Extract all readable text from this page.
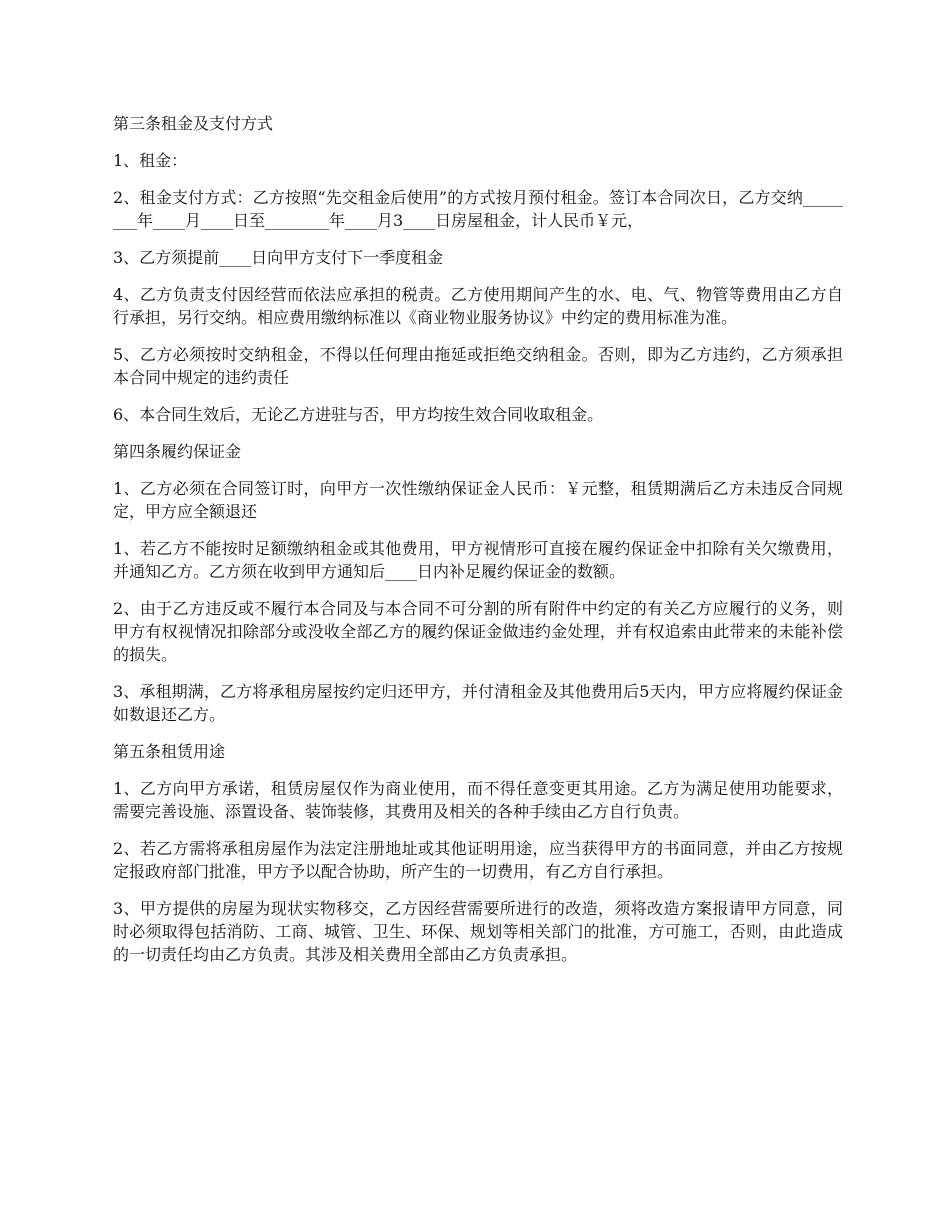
第三条租金及支付方式

1、租金：

2、租金支付方式：乙方按照“先交租金后使用”的方式按月预付租金。签订本合同次日，乙方交纳________年____月____日至________年____月3____日房屋租金，计人民币￥元，

3、乙方须提前____日向甲方支付下一季度租金

4、乙方负责支付因经营而依法应承担的税责。乙方使用期间产生的水、电、气、物管等费用由乙方自行承担，另行交纳。相应费用缴纳标准以《商业物业服务协议》中约定的费用标准为准。

5、乙方必须按时交纳租金，不得以任何理由拖延或拒绝交纳租金。否则，即为乙方违约，乙方须承担本合同中规定的违约责任

6、本合同生效后，无论乙方进驻与否，甲方均按生效合同收取租金。

第四条履约保证金

1、乙方必须在合同签订时，向甲方一次性缴纳保证金人民币：￥元整，租赁期满后乙方未违反合同规定，甲方应全额退还

1、若乙方不能按时足额缴纳租金或其他费用，甲方视情形可直接在履约保证金中扣除有关欠缴费用，并通知乙方。乙方须在收到甲方通知后____日内补足履约保证金的数额。

2、由于乙方违反或不履行本合同及与本合同不可分割的所有附件中约定的有关乙方应履行的义务，则甲方有权视情况扣除部分或没收全部乙方的履约保证金做违约金处理，并有权追索由此带来的未能补偿的损失。

3、承租期满，乙方将承租房屋按约定归还甲方，并付清租金及其他费用后5天内，甲方应将履约保证金如数退还乙方。

第五条租赁用途

1、乙方向甲方承诺，租赁房屋仅作为商业使用，而不得任意变更其用途。乙方为满足使用功能要求，需要完善设施、添置设备、装饰装修，其费用及相关的各种手续由乙方自行负责。

2、若乙方需将承租房屋作为法定注册地址或其他证明用途，应当获得甲方的书面同意，并由乙方按规定报政府部门批准，甲方予以配合协助，所产生的一切费用，有乙方自行承担。

3、甲方提供的房屋为现状实物移交，乙方因经营需要所进行的改造，须将改造方案报请甲方同意，同时必须取得包括消防、工商、城管、卫生、环保、规划等相关部门的批准，方可施工，否则，由此造成的一切责任均由乙方负责。其涉及相关费用全部由乙方负责承担。
